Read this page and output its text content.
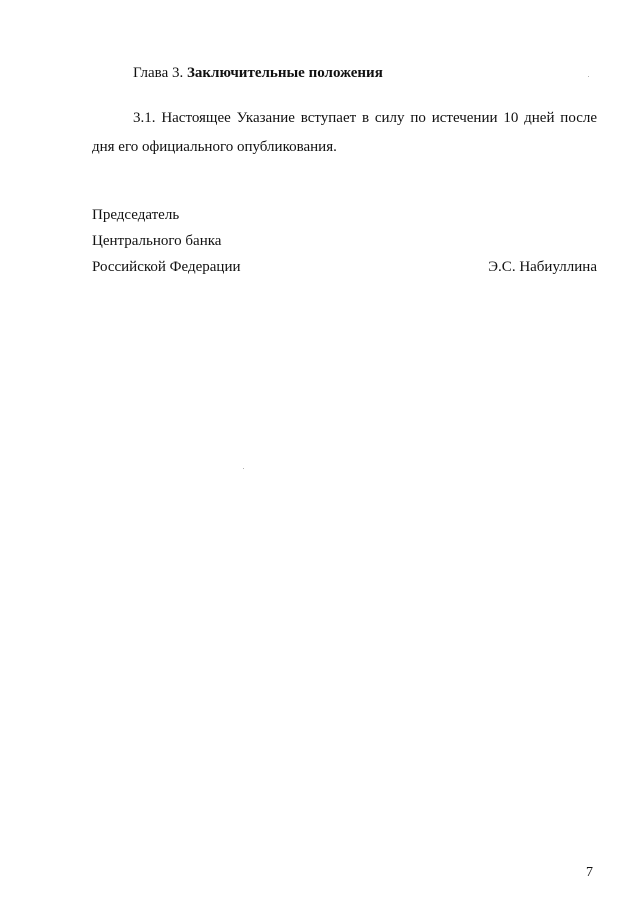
Глава 3. Заключительные положения

3.1. Настоящее Указание вступает в силу по истечении 10 дней после дня его официального опубликования.

Председатель
Центрального банка
Российской Федерации	Э.С. Набиуллина
7
